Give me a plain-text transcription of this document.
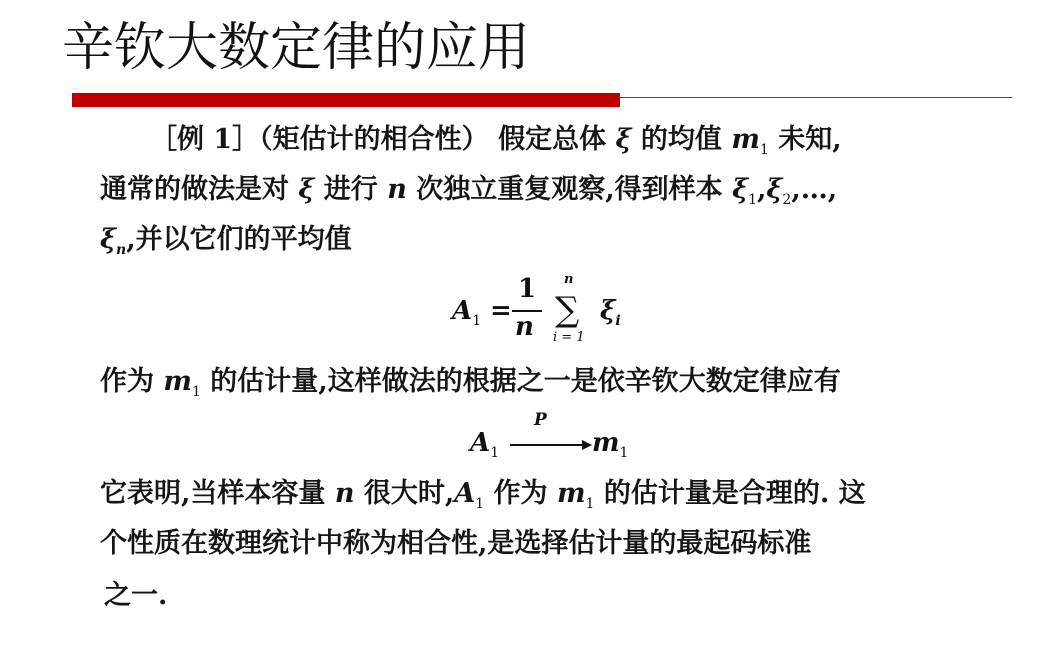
辛钦大数定律的应用
［例 1］（矩估计的相合性） 假定总体 ξ 的均值 $m_1$ 未知,
通常的做法是对 ξ 进行 n 次独立重复观察,得到样本 $\xi_1,\xi_2,\dots$,
$\xi_n$,并以它们的平均值
$A_1$ =
1
n
n
∑
i = 1
$\xi_i$
作为 $m_1$ 的估计量,这样做法的根据之一是依辛钦大数定律应有
$A_1$
P
$m_1$
它表明,当样本容量 n 很大时$,A_1$ 作为 $m_1$ 的估计量是合理的. 这
个性质在数理统计中称为相合性,是选择估计量的最起码标准
之一.
